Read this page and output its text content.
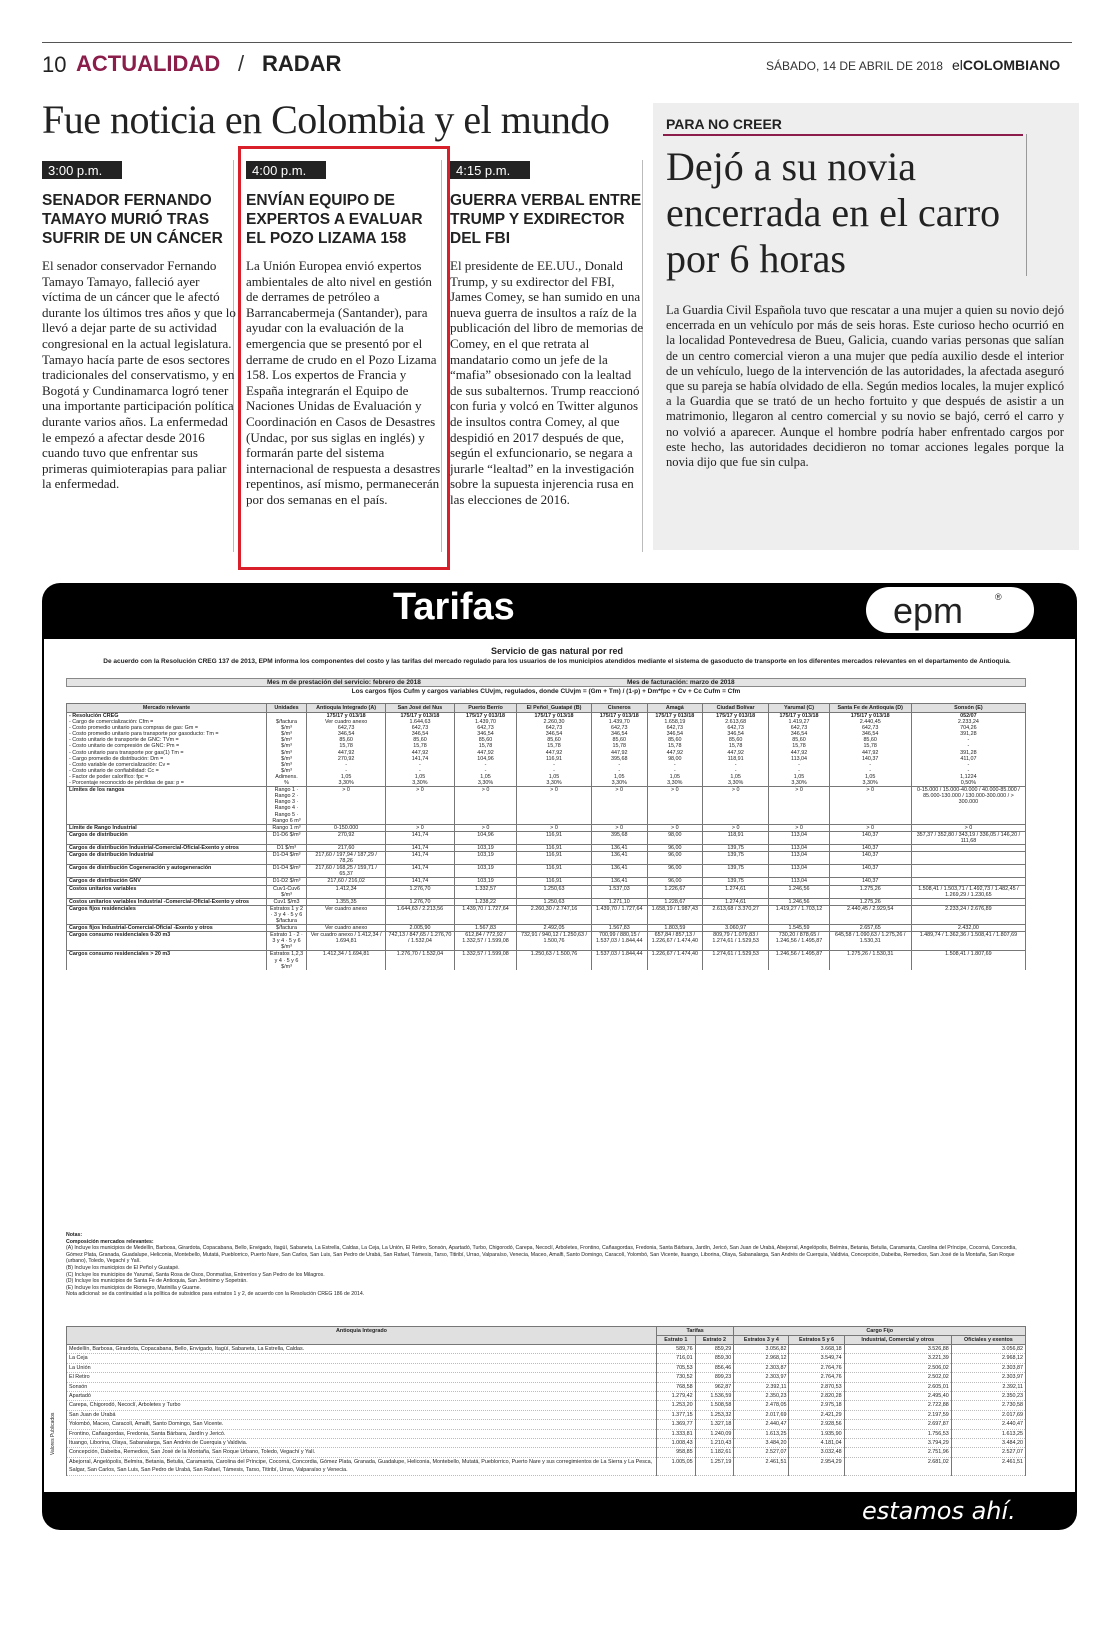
10 ACTUALIDAD / RADAR	SÁBADO, 14 DE ABRIL DE 2018 elCOLOMBIANO
Fue noticia en Colombia y el mundo
3:00 p.m.
SENADOR FERNANDO TAMAYO MURIÓ TRAS SUFRIR DE UN CÁNCER

El senador conservador Fernando Tamayo Tamayo, falleció ayer víctima de un cáncer que le afectó durante los últimos tres años y que lo llevó a dejar parte de su actividad congresional en la actual legislatura. Tamayo hacía parte de esos sectores tradicionales del conservatismo, y en Bogotá y Cundinamarca logró tener una importante participación política durante varios años. La enfermedad le empezó a afectar desde 2016 cuando tuvo que enfrentar sus primeras quimioterapias para paliar la enfermedad.

4:00 p.m.
ENVÍAN EQUIPO DE EXPERTOS A EVALUAR EL POZO LIZAMA 158

La Unión Europea envió expertos ambientales de alto nivel en gestión de derrames de petróleo a Barrancabermeja (Santander), para ayudar con la evaluación de la emergencia que se presentó por el derrame de crudo en el Pozo Lizama 158. Los expertos de Francia y España integrarán el Equipo de Naciones Unidas de Evaluación y Coordinación en Casos de Desastres (Undac, por sus siglas en inglés) y formarán parte del sistema internacional de respuesta a desastres repentinos, así mismo, permanecerán por dos semanas en el país.

4:15 p.m.
GUERRA VERBAL ENTRE TRUMP Y EXDIRECTOR DEL FBI

El presidente de EE.UU., Donald Trump, y su exdirector del FBI, James Comey, se han sumido en una nueva guerra de insultos a raíz de la publicación del libro de memorias de Comey, en el que retrata al mandatario como un jefe de la “mafia” obsesionado con la lealtad de sus subalternos. Trump reaccionó con furia y volcó en Twitter algunos de insultos contra Comey, al que despidió en 2017 después de que, según el exfuncionario, se negara a jurarle “lealtad” en la investigación sobre la supuesta injerencia rusa en las elecciones de 2016.

PARA NO CREER
Dejó a su novia encerrada en el carro por 6 horas
La Guardia Civil Española tuvo que rescatar a una mujer a quien su novio dejó encerrada en un vehículo por más de seis horas. Este curioso hecho ocurrió en la localidad Pontevedresa de Bueu, Galicia, cuando varias personas que salían de un centro comercial vieron a una mujer que pedía auxilio desde el interior de un vehículo, luego de la intervención de las autoridades, la afectada aseguró que su pareja se había olvidado de ella. Según medios locales, la mujer explicó a la Guardia que se trató de un hecho fortuito y que después de asistir a un matrimonio, llegaron al centro comercial y su novio se bajó, cerró el carro y no volvió a aparecer. Aunque el hombre podría haber enfrentado cargos por este hecho, las autoridades decidieron no tomar acciones legales porque la novia dijo que fue sin culpa.
Tarifas	epm	®
Servicio de gas natural por red
De acuerdo con la Resolución CREG 137 de 2013, EPM informa los componentes del costo y las tarifas del mercado regulado para los usuarios de los municipios atendidos mediante el sistema de gasoducto de transporte en los diferentes mercados relevantes en el departamento de Antioquia.
Mes m de prestación del servicio: febrero de 2018	Mes de facturación: marzo de 2018
Los cargos fijos Cufm y cargos variables CUvjm, regulados, donde CUvjm = (Gm + Tm) / (1-p) + Dm*fpc + Cv + Cc Cufm = Cfm
Mercado relevante	Unidades	Antioquia Integrado (A)	San José del Nus	Puerto Berrío	El Peñol_Guatapé (B)	Cisneros	Amagá	Ciudad Bolívar	Yarumal (C)	Santa Fe de Antioquia (D)	Sonsón (E)
- Resolución CREG		175/17 y 013/18	175/17 y 013/18	175/17 y 013/18	175/17 y 013/18	175/17 y 013/18	175/17 y 013/18	175/17 y 013/18	175/17 y 013/18	175/17 y 013/18	052/07
- Cargo de comercialización: Cfm =	$/factura	Ver cuadro anexo	1.644,63	1.439,70	2.260,30	1.439,70	1.658,19	2.613,68	1.419,27	2.440,45	2.233,24
- Costo promedio unitario para compras de gas: Gm =	$/m³	642,73	642,73	642,73	642,73	642,73	642,73	642,73	642,73	642,73	704,26
- Costo promedio unitario para transporte por gasoducto: Tm =	$/m³	346,54	346,54	346,54	346,54	346,54	346,54	346,54	346,54	346,54	391,28
- Costo unitario de transporte de GNC: TVm =	$/m³	85,60	85,60	85,60	85,60	85,60	85,60	85,60	85,60	85,60	-
- Costo unitario de compresión de GNC: Pm =	$/m³	15,78	15,78	15,78	15,78	15,78	15,78	15,78	15,78	15,78	-
- Costo unitario para transporte por gas(1) Tm =	$/m³	447,92	447,92	447,92	447,92	447,92	447,92	447,92	447,92	447,92	391,28
- Cargo promedio de distribución: Dm =	$/m³	270,92	141,74	104,96	116,91	395,68	98,00	118,91	113,04	140,37	411,07
- Costo variable de comercialización: Cv =	$/m³	-	-	-	-	-	-	-	-	-	-
- Costo unitario de confiabilidad: Cc =	$/m³	-	-	-	-	-	-	-	-	-	-
- Factor de poder calorífico: fpc =	Adimens.	1,05	1,05	1,05	1,05	1,05	1,05	1,05	1,05	1,05	1,1224
- Porcentaje reconocido de pérdidas de gas: p =	%	3,30%	3,30%	3,30%	3,30%	3,30%	3,30%	3,30%	3,30%	3,30%	0,50%
Límites de los rangos	Rango 1 · Rango 2 · Rango 3 · Rango 4 · Rango 5 · Rango 6 m³	> 0	> 0	> 0	> 0	> 0	> 0	> 0	> 0	> 0	0-15.000 / 15.000-40.000 / 40.000-85.000 / 85.000-130.000 / 130.000-300.000 / > 300.000
Límite de Rango Industrial	Rango 1 m³	0-150.000	> 0	> 0	> 0	> 0	> 0	> 0	> 0	> 0	> 0
Cargos de distribución	D1-D6 $/m³	270,92	141,74	104,96	116,91	395,68	98,00	118,91	113,04	140,37	357,37 / 352,80 / 343,19 / 336,05 / 146,20 / 111,68
Cargos de distribución Industrial-Comercial-Oficial-Exento y otros	D1 $/m³	217,60	141,74	103,19	116,91	136,41	96,00	139,75	113,04	140,37	
Cargos de distribución Industrial	D1-D4 $/m³	217,60 / 197,94 / 187,29 / 78,26	141,74	103,19	116,91	136,41	96,00	139,75	113,04	140,37	
Cargos de distribución Cogeneración y autogeneración	D1-D4 $/m³	217,60 / 168,25 / 159,71 / 65,37	141,74	103,19	116,91	136,41	96,00	139,75	113,04	140,37	
Cargos de distribución GNV	D1-D2 $/m³	217,60 / 216,02	141,74	103,19	116,91	136,41	96,00	139,75	113,04	140,37	
Costos unitarios variables	Cuv1-Cuv6 $/m³	1.412,34	1.276,70	1.332,57	1.250,63	1.537,03	1.226,67	1.274,61	1.246,56	1.275,26	1.508,41 / 1.503,71 / 1.492,73 / 1.482,45 / 1.269,29 / 1.230,65
Costos unitarios variables Industrial -Comercial-Oficial-Exento y otros	Cuv1 $/m3	1.355,35	1.276,70	1.238,22	1.250,63	1.271,10	1.228,67	1.274,61	1.246,56	1.275,26	
Cargos fijos residenciales	Estratos 1 y 2 · 3 y 4 · 5 y 6 $/factura	Ver cuadro anexo	1.644,63 / 2.213,56	1.439,70 / 1.727,64	2.260,30 / 2.747,16	1.439,70 / 1.727,64	1.658,19 / 1.987,43	2.613,68 / 3.370,27	1.419,27 / 1.703,12	2.440,45 / 2.929,54	2.233,24 / 2.676,89
Cargos fijos Industrial-Comercial-Oficial -Exento y otros	$/factura	Ver cuadro anexo	2.005,90	1.567,83	2.492,05	1.567,83	1.803,59	3.060,97	1.545,59	2.657,65	2.432,00
Cargos consumo residenciales 0-20 m3	Estrato 1 · 2 · 3 y 4 · 5 y 6 $/m³	Ver cuadro anexo / 1.412,34 / 1.694,81	742,13 / 847,65 / 1.276,70 / 1.532,04	612,84 / 772,92 / 1.332,57 / 1.599,08	732,91 / 940,12 / 1.250,63 / 1.500,76	700,99 / 880,15 / 1.537,03 / 1.844,44	657,84 / 857,13 / 1.226,67 / 1.474,40	809,79 / 1.079,83 / 1.274,61 / 1.529,53	730,20 / 878,65 / 1.246,56 / 1.495,87	645,58 / 1.090,63 / 1.275,26 / 1.530,31	1.489,74 / 1.362,36 / 1.508,41 / 1.807,69
Cargos consumo residenciales > 20 m3	Estratos 1,2,3 y 4 · 5 y 6 $/m³	1.412,34 / 1.694,81	1.276,70 / 1.532,04	1.332,57 / 1.599,08	1.250,63 / 1.500,76	1.537,03 / 1.844,44	1.226,67 / 1.474,40	1.274,61 / 1.529,53	1.246,56 / 1.495,87	1.275,26 / 1.530,31	1.508,41 / 1.807,69
Notas:
Composición mercados relevantes:
(A) Incluye los municipios de Medellín, Barbosa, Girardota, Copacabana, Bello, Envigado, Itagüí, Sabaneta, La Estrella, Caldas, La Ceja, La Unión, El Retiro, Sonsón, Apartadó, Turbo, Chigorodó, Carepa, Necoclí, Arboletes, Frontino, Cañasgordas, Fredonia, Santa Bárbara, Jardín, Jericó, San Juan de Urabá, Abejorral, Angelópolis, Belmira, Betania, Betulia, Caramanta, Carolina del Príncipe, Cocorná, Concordia, Gómez Plata, Granada, Guadalupe, Heliconia, Montebello, Mutatá, Pueblorrico, Puerto Nare, San Carlos, San Luis, San Pedro de Urabá, San Rafael, Támesis, Tarso, Titiribí, Urrao, Valparaíso, Venecia, Maceo, Amalfi, Santo Domingo, Caracolí, Yolombó, San Vicente, Ituango, Liborina, Olaya, Sabanalarga, San Andrés de Cuerquia, Valdivia, Concepción, Dabeiba, Remedios, San José de la Montaña, San Roque (urbano), Toledo, Vegachí y Yalí.
(B) Incluye los municipios de El Peñol y Guatapé.
(C) Incluye los municipios de Yarumal, Santa Rosa de Osos, Donmatías, Entrerríos y San Pedro de los Milagros.
(D) Incluye los municipios de Santa Fe de Antioquia, San Jerónimo y Sopetrán.
(E) Incluye los municipios de Rionegro, Marinilla y Guarne.
Nota adicional: se da continuidad a la política de subsidios para estratos 1 y 2, de acuerdo con la Resolución CREG 186 de 2014.
Antioquia Integrado	Tarifas		Cargo Fijo			
	Estrato 1	Estrato 2	Estratos 3 y 4	Estratos 5 y 6	Industrial, Comercial y otros	Oficiales y exentos
Medellín, Barbosa, Girardota, Copacabana, Bello, Envigado, Itagüí, Sabaneta, La Estrella, Caldas.	589,76	859,29	3.056,82	3.668,18	3.526,88	3.056,82
La Ceja	716,01	859,30	2.968,12	3.549,74	3.221,39	2.968,12
La Unión	705,53	856,46	2.303,87	2.764,76	2.506,02	2.303,87
El Retiro	730,52	899,23	2.303,97	2.764,76	2.502,02	2.303,97
Sonsón	768,58	962,87	2.392,11	2.870,53	2.605,01	2.392,11
Apartadó	1.279,42	1.536,59	2.350,23	2.820,28	2.495,40	2.350,23
Carepa, Chigorodó, Necoclí, Arboletes y Turbo	1.253,20	1.508,58	2.478,05	2.975,18	2.722,88	2.730,58
San Juan de Urabá	1.377,15	1.253,32	2.017,69	2.421,29	2.197,59	2.017,69
Yolombó, Maceo, Caracolí, Amalfi, Santo Domingo, San Vicente.	1.369,77	1.327,18	2.440,47	2.928,56	2.697,87	2.440,47
Frontino, Cañasgordas, Fredonia, Santa Bárbara, Jardín y Jericó.	1.333,81	1.240,09	1.613,25	1.935,90	1.756,53	1.613,25
Ituango, Liborina, Olaya, Sabanalarga, San Andrés de Cuerquia y Valdivia.	1.008,43	1.210,43	3.484,20	4.181,04	3.794,29	3.484,20
Concepción, Dabeiba, Remedios, San José de la Montaña, San Roque Urbano, Toledo, Vegachí y Yalí.	958,85	1.182,61	2.527,07	3.032,48	2.751,96	2.527,07
Abejorral, Angelópolis, Belmira, Betania, Betulia, Caramanta, Carolina del Príncipe, Cocorná, Concordia, Gómez Plata, Granada, Guadalupe, Heliconia, Montebello, Mutatá, Pueblorrico, Puerto Nare y sus corregimientos de La Sierra y La Pesca, Salgar, San Carlos, San Luis, San Pedro de Urabá, San Rafael, Támesis, Tarso, Titiribí, Urrao, Valparaíso y Venecia.	1.005,05	1.257,19	2.461,51	2.954,29	2.681,02	2.461,51
Valores Publicados
estamos ahí.
